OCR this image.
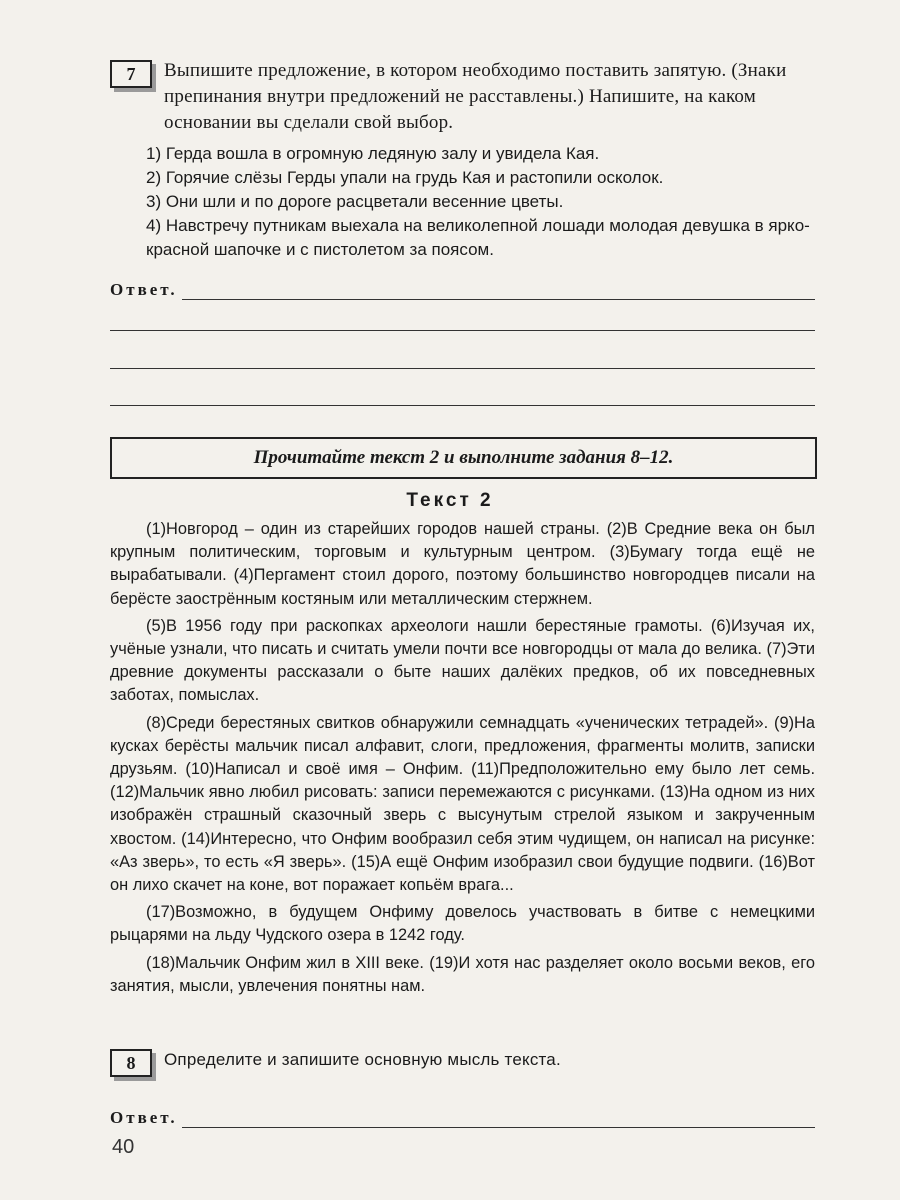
7	Выпишите предложение, в котором необходимо поставить запятую. (Знаки препинания внутри предложений не расставлены.) Напишите, на каком основании вы сделали свой выбор.
1) Герда вошла в огромную ледяную залу и увидела Кая.
2) Горячие слёзы Герды упали на грудь Кая и растопили осколок.
3) Они шли и по дороге расцветали весенние цветы.
4) Навстречу путникам выехала на великолепной лошади молодая девушка в ярко-красной шапочке и с пистолетом за поясом.
Ответ.
Прочитайте текст 2 и выполните задания 8–12.
Текст 2

(1)Новгород – один из старейших городов нашей страны. (2)В Средние века он был крупным политическим, торговым и культурным центром. (3)Бумагу тогда ещё не вырабатывали. (4)Пергамент стоил дорого, поэтому большинство новгородцев писали на берёсте заострённым костяным или металлическим стержнем.

(5)В 1956 году при раскопках археологи нашли берестяные грамоты. (6)Изучая их, учёные узнали, что писать и считать умели почти все новгородцы от мала до велика. (7)Эти древние документы рассказали о быте наших далёких предков, об их повседневных заботах, помыслах.

(8)Среди берестяных свитков обнаружили семнадцать «ученических тетрадей». (9)На кусках берёсты мальчик писал алфавит, слоги, предложения, фрагменты молитв, записки друзьям. (10)Написал и своё имя – Онфим. (11)Предположительно ему было лет семь. (12)Мальчик явно любил рисовать: записи перемежаются с рисунками. (13)На одном из них изображён страшный сказочный зверь с высунутым стрелой языком и закрученным хвостом. (14)Интересно, что Онфим вообразил себя этим чудищем, он написал на рисунке: «Аз зверь», то есть «Я зверь». (15)А ещё Онфим изобразил свои будущие подвиги. (16)Вот он лихо скачет на коне, вот поражает копьём врага...

(17)Возможно, в будущем Онфиму довелось участвовать в битве с немецкими рыцарями на льду Чудского озера в 1242 году.

(18)Мальчик Онфим жил в XIII веке. (19)И хотя нас разделяет около восьми веков, его занятия, мысли, увлечения понятны нам.

8	Определите и запишите основную мысль текста.
Ответ.
40
